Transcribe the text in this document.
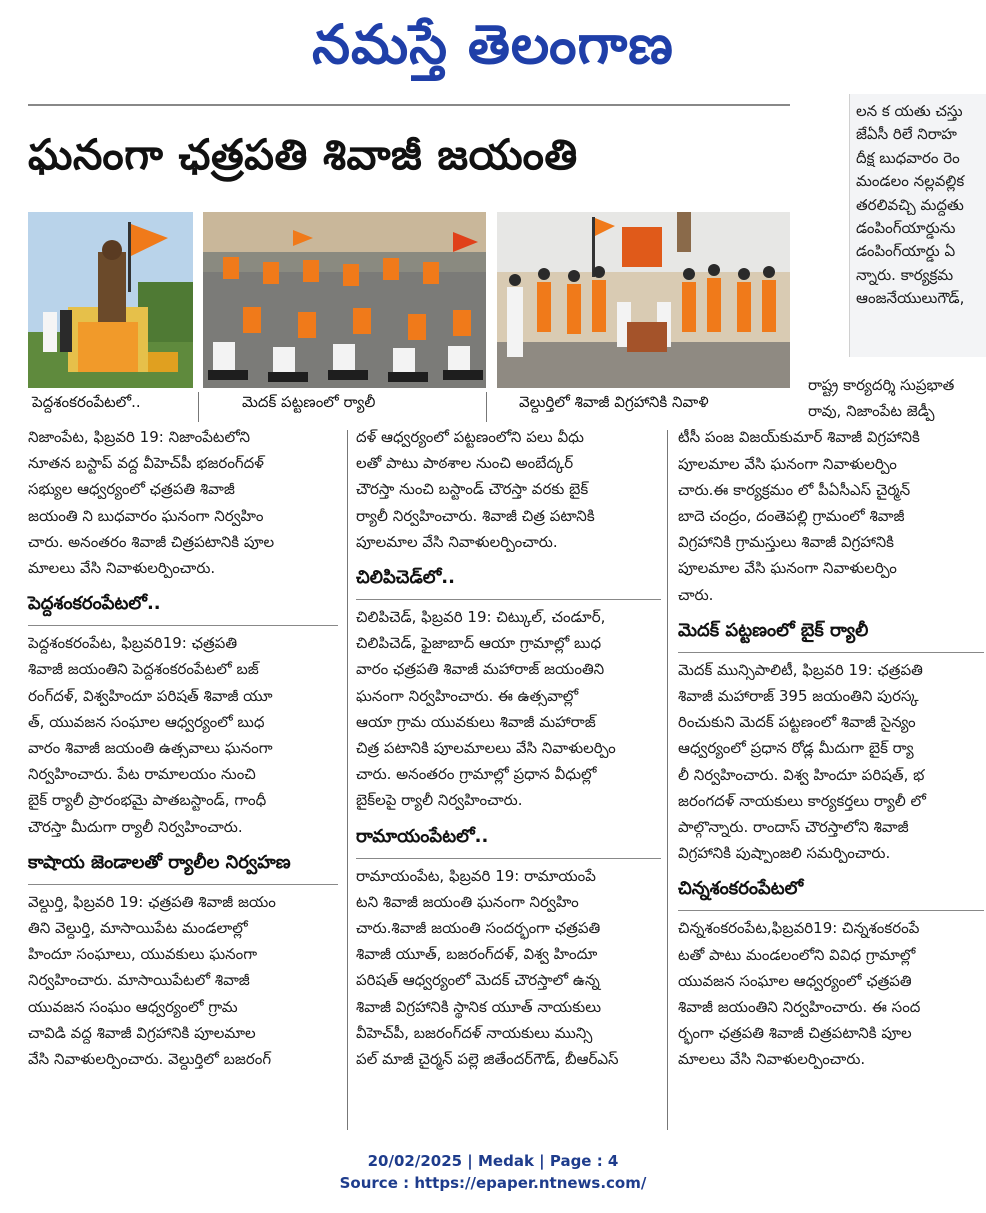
నమస్తే తెలంగాణ

లన క యతు చస్తు

జేఏసీ రిలే నిరాహ

దీక్ష బుధవారం రెం

మండలం నల్లవల్లిక

తరలివచ్చి మద్దతు

డంపింగ్‌యార్డును

డంపింగ్‌యార్డు ఏ

న్నారు. కార్యక్రమ

ఆంజనేయులుగౌడ్,

ఘనంగా ఛత్రపతి శివాజీ జయంతి
పెద్దశంకరంపేటలో..	మెదక్ పట్టణంలో ర్యాలీ	వెల్దుర్తిలో శివాజీ విగ్రహానికి నివాళి
నిజాంపేట, ఫిబ్రవరి 19: నిజాంపేటలోని
నూతన బస్టాప్ వద్ద వీహెచ్‌పీ భజరంగ్‌దళ్
సభ్యుల ఆధ్వర్యంలో ఛత్రపతి శివాజీ
జయంతి ని బుధవారం ఘనంగా నిర్వహిం
చారు. అనంతరం శివాజీ చిత్రపటానికి పూల
మాలలు వేసి నివాళులర్పించారు.
పెద్దశంకరంపేటలో..
పెద్దశంకరంపేట, ఫిబ్రవరి19: ఛత్రపతి
శివాజీ జయంతిని పెద్దశంకరంపేటలో బజ్
రంగ్‌దళ్, విశ్వహిందూ పరిషత్ శివాజీ యూ
త్, యువజన సంఘాల ఆధ్వర్యంలో బుధ
వారం శివాజీ జయంతి ఉత్సవాలు ఘనంగా
నిర్వహించారు. పేట రామాలయం నుంచి
బైక్ ర్యాలీ ప్రారంభమై పాతబస్టాండ్, గాంధీ
చౌరస్తా మీదుగా ర్యాలీ నిర్వహించారు.
కాషాయ జెండాలతో ర్యాలీల నిర్వహణ
వెల్దుర్తి, ఫిబ్రవరి 19: ఛత్రపతి శివాజీ జయం
తిని వెల్దుర్తి, మాసాయిపేట మండలాల్లో
హిందూ సంఘాలు, యువకులు ఘనంగా
నిర్వహించారు. మాసాయిపేటలో శివాజీ
యువజన సంఘం ఆధ్వర్యంలో గ్రామ
చావిడి వద్ద శివాజీ విగ్రహానికి పూలమాల
వేసి నివాళులర్పించారు. వెల్దుర్తిలో బజరంగ్
దళ్ ఆధ్వర్యంలో పట్టణంలోని పలు వీధు
లతో పాటు పాఠశాల నుంచి అంబేద్కర్
చౌరస్తా నుంచి బస్టాండ్ చౌరస్తా వరకు బైక్
ర్యాలీ నిర్వహించారు. శివాజీ చిత్ర పటానికి
పూలమాల వేసి నివాళులర్పించారు.
చిలిపిచెడ్‌లో..
చిలిపిచెడ్, ఫిబ్రవరి 19: చిట్కుల్, చండూర్,
చిలిపిచెడ్, ఫైజాబాద్ ఆయా గ్రామాల్లో బుధ
వారం ఛత్రపతి శివాజీ మహారాజ్ జయంతిని
ఘనంగా నిర్వహించారు. ఈ ఉత్సవాల్లో
ఆయా గ్రామ యువకులు శివాజీ మహారాజ్
చిత్ర పటానికి పూలమాలలు వేసి నివాళులర్పిం
చారు. అనంతరం గ్రామాల్లో ప్రధాన వీధుల్లో
బైక్‌లపై ర్యాలీ నిర్వహించారు.
రామాయంపేటలో..
రామాయంపేట, ఫిబ్రవరి 19: రామాయంపే
టని శివాజీ జయంతి ఘనంగా నిర్వహిం
చారు.శివాజీ జయంతి సందర్భంగా ఛత్రపతి
శివాజీ యూత్, బజరంగ్‌దళ్, విశ్వ హిందూ
పరిషత్ ఆధ్వర్యంలో మెదక్ చౌరస్తాలో ఉన్న
శివాజీ విగ్రహానికి స్థానిక యూత్ నాయకులు
వీహెచ్‌పీ, బజరంగ్‌దళ్ నాయకులు మున్సి
పల్ మాజీ చైర్మన్ పల్లె జితేందర్‌గౌడ్, బీఆర్ఎస్
రాష్ట్ర కార్యదర్శి సుప్రభాత
రావు, నిజాంపేట జెడ్పీ
టీసీ పంజ విజయ్‌కుమార్ శివాజీ విగ్రహానికి
పూలమాల వేసి ఘనంగా నివాళులర్పిం
చారు.ఈ కార్యక్రమం లో పీఏసీఎస్ చైర్మన్
బాదె చంద్రం, దంతెపల్లి గ్రామంలో శివాజీ
విగ్రహానికి గ్రామస్తులు శివాజీ విగ్రహానికి
పూలమాల వేసి ఘనంగా నివాళులర్పిం
చారు.
మెదక్ పట్టణంలో బైక్ ర్యాలీ
మెదక్ మున్సిపాలిటీ, ఫిబ్రవరి 19: ఛత్రపతి
శివాజీ మహారాజ్ 395 జయంతిని పురస్క
రించుకుని మెదక్ పట్టణంలో శివాజీ సైన్యం
ఆధ్వర్యంలో ప్రధాన రోడ్ల మీదుగా బైక్ ర్యా
లీ నిర్వహించారు. విశ్వ హిందూ పరిషత్, భ
జరంగదళ్ నాయకులు కార్యకర్తలు ర్యాలీ లో
పాల్గొన్నారు. రాందాస్ చౌరస్తాలోని శివాజీ
విగ్రహానికి పుష్పాంజలి సమర్పించారు.
చిన్నశంకరంపేటలో
చిన్నశంకరంపేట,ఫిబ్రవరి19: చిన్నశంకరంపే
టతో పాటు మండలంలోని వివిధ గ్రామాల్లో
యువజన సంఘాల ఆధ్వర్యంలో ఛత్రపతి
శివాజీ జయంతిని నిర్వహించారు. ఈ సంద
ర్భంగా ఛత్రపతి శివాజీ చిత్రపటానికి పూల
మాలలు వేసి నివాళులర్పించారు.
20/02/2025 | Medak | Page : 4
Source : https://epaper.ntnews.com/
